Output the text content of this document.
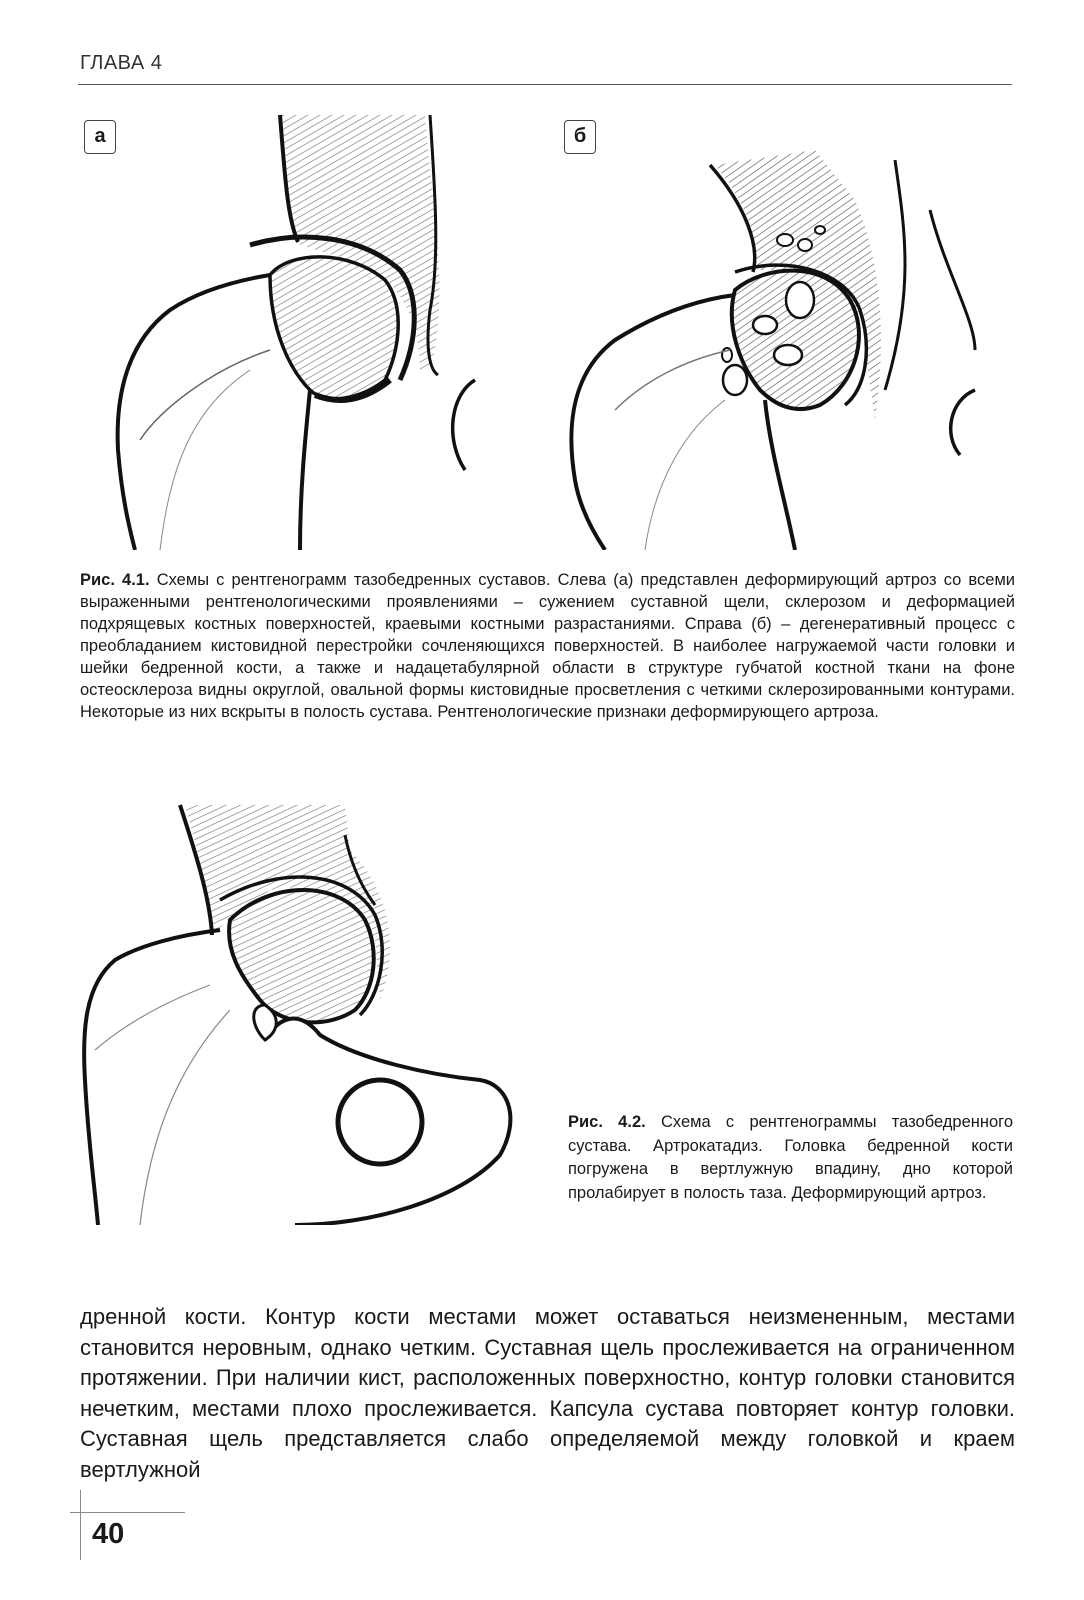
ГЛАВА 4
а	б
Рис. 4.1. Схемы с рентгенограмм тазобедренных суставов. Слева (а) представлен деформирующий артроз со всеми выраженными рентгенологическими проявлениями – сужением суставной щели, склерозом и деформацией подхрящевых костных поверхностей, краевыми костными разрастаниями. Справа (б) – дегенеративный процесс с преобладанием кистовидной перестройки сочленяющихся поверхностей. В наиболее нагружаемой части головки и шейки бедренной кости, а также и надацетабулярной области в структуре губчатой костной ткани на фоне остеосклероза видны округлой, овальной формы кистовидные просветления с четкими склерозированными контурами. Некоторые из них вскрыты в полость сустава. Рентгенологические признаки деформирующего артроза.
Рис. 4.2. Схема с рентгенограммы тазобедренного сустава. Артрокатадиз. Головка бедренной кости погружена в вертлужную впадину, дно которой пролабирует в полость таза. Деформирующий артроз.
дренной кости. Контур кости местами может оставаться неизмененным, местами становится неровным, однако четким. Суставная щель прослеживается на ограниченном протяжении. При наличии кист, расположенных поверхностно, контур головки становится нечетким, местами плохо прослеживается. Капсула сустава повторяет контур головки. Суставная щель представляется слабо определяемой между головкой и краем вертлужной
40
